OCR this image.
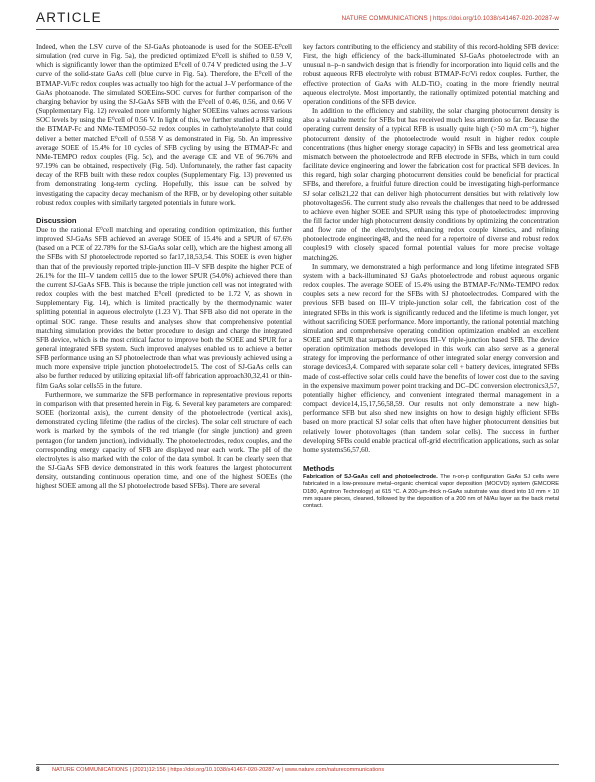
ARTICLE	NATURE COMMUNICATIONS | https://doi.org/10.1038/s41467-020-20287-w

Indeed, when the LSV curve of the SJ-GaAs photoanode is used for the SOEE-E⁰cell simulation (red curve in Fig. 5a), the predicted optimized E⁰cell is shifted to 0.59 V, which is significantly lower than the optimized E⁰cell of 0.74 V predicted using the J–V curve of the solid-state GaAs cell (blue curve in Fig. 5a). Therefore, the E⁰cell of the BTMAP-Vi/Fc redox couples was actually too high for the actual J–V performance of the GaAs photoanode. The simulated SOEEins-SOC curves for further comparison of the charging behavior by using the SJ-GaAs SFB with the E⁰cell of 0.46, 0.56, and 0.66 V (Supplementary Fig. 12) revealed more uniformly higher SOEEins values across various SOC levels by using the E⁰cell of 0.56 V. In light of this, we further studied a RFB using the BTMAP-Fc and NMe-TEMPO50–52 redox couples in catholyte/anolyte that could deliver a better matched E⁰cell of 0.558 V as demonstrated in Fig. 5b. An impressive average SOEE of 15.4% for 10 cycles of SFB cycling by using the BTMAP-Fc and NMe-TEMPO redox couples (Fig. 5c), and the average CE and VE of 96.76% and 97.19% can be obtained, respectively (Fig. 5d). Unfortunately, the rather fast capacity decay of the RFB built with these redox couples (Supplementary Fig. 13) prevented us from demonstrating long-term cycling. Hopefully, this issue can be solved by investigating the capacity decay mechanism of the RFB, or by developing other suitable robust redox couples with similarly targeted potentials in future work.

Discussion

Due to the rational E⁰cell matching and operating condition optimization, this further improved SJ-GaAs SFB achieved an average SOEE of 15.4% and a SPUR of 67.6% (based on a PCE of 22.78% for the SJ-GaAs solar cell), which are the highest among all the SFBs with SJ photoelectrode reported so far17,18,53,54. This SOEE is even higher than that of the previously reported triple-junction III–V SFB despite the higher PCE of 26.1% for the III–V tandem cell15 due to the lower SPUR (54.0%) achieved there than the current SJ-GaAs SFB. This is because the triple junction cell was not integrated with redox couples with the best matched E⁰cell (predicted to be 1.72 V, as shown in Supplementary Fig. 14), which is limited practically by the thermodynamic water splitting potential in aqueous electrolyte (1.23 V). That SFB also did not operate in the optimal SOC range. These results and analyses show that comprehensive potential matching simulation provides the better procedure to design and charge the integrated SFB device, which is the most critical factor to improve both the SOEE and SPUR for a general integrated SFB system. Such improved analyses enabled us to achieve a better SFB performance using an SJ photoelectrode than what was previously achieved using a much more expensive triple junction photoelectrode15. The cost of SJ-GaAs cells can also be further reduced by utilizing epitaxial lift-off fabrication approach30,32,41 or thin-film GaAs solar cells55 in the future.

Furthermore, we summarize the SFB performance in representative previous reports in comparison with that presented herein in Fig. 6. Several key parameters are compared: SOEE (horizontal axis), the current density of the photoelectrode (vertical axis), demonstrated cycling lifetime (the radius of the circles). The solar cell structure of each work is marked by the symbols of the red triangle (for single junction) and green pentagon (for tandem junction), individually. The photoelectrodes, redox couples, and the corresponding energy capacity of SFB are displayed near each work. The pH of the electrolytes is also marked with the color of the data symbol. It can be clearly seen that the SJ-GaAs SFB device demonstrated in this work features the largest photocurrent density, outstanding continuous operation time, and one of the highest SOEEs (the highest SOEE among all the SJ photoelectrode based SFBs). There are several

key factors contributing to the efficiency and stability of this record-holding SFB device: First, the high efficiency of the back-illuminated SJ-GaAs photoelectrode with an unusual n–p–n sandwich design that is friendly for incorporation into liquid cells and the robust aqueous RFB electrolyte with robust BTMAP-Fc/Vi redox couples. Further, the effective protection of GaAs with ALD-TiO₂ coating in the more friendly neutral aqueous electrolyte. Most importantly, the rationally optimized potential matching and operation conditions of the SFB device.

In addition to the efficiency and stability, the solar charging photocurrent density is also a valuable metric for SFBs but has received much less attention so far. Because the operating current density of a typical RFB is usually quite high (>50 mA cm⁻²), higher photocurrent density of the photoelectrode would result in higher redox couple concentrations (thus higher energy storage capacity) in SFBs and less geometrical area mismatch between the photoelectrode and RFB electrode in SFBs, which in turn could facilitate device engineering and lower the fabrication cost for practical SFB devices. In this regard, high solar charging photocurrent densities could be beneficial for practical SFBs, and therefore, a fruitful future direction could be investigating high-performance SJ solar cells21,22 that can deliver high photocurrent densities but with relatively low photovoltages56. The current study also reveals the challenges that need to be addressed to achieve even higher SOEE and SPUR using this type of photoelectrodes: improving the fill factor under high photocurrent density conditions by optimizing the concentration and flow rate of the electrolytes, enhancing redox couple kinetics, and refining photoelectrode engineering48, and the need for a repertoire of diverse and robust redox couples19 with closely spaced formal potential values for more precise voltage matching26.

In summary, we demonstrated a high performance and long lifetime integrated SFB system with a back-illuminated SJ GaAs photoelectrode and robust aqueous organic redox couples. The average SOEE of 15.4% using the BTMAP-Fc/NMe-TEMPO redox couples sets a new record for the SFBs with SJ photoelectrodes. Compared with the previous SFB based on III–V triple-junction solar cell, the fabrication cost of the integrated SFBs in this work is significantly reduced and the lifetime is much longer, yet without sacrificing SOEE performance. More importantly, the rational potential matching simulation and comprehensive operating condition optimization enabled an excellent SOEE and SPUR that surpass the previous III–V triple-junction based SFB. The device operation optimization methods developed in this work can also serve as a general strategy for improving the performance of other integrated solar energy conversion and storage devices3,4. Compared with separate solar cell + battery devices, integrated SFBs made of cost-effective solar cells could have the benefits of lower cost due to the saving in the expensive maximum power point tracking and DC–DC conversion electronics3,57, potentially higher efficiency, and convenient integrated thermal management in a compact device14,15,17,56,58,59. Our results not only demonstrate a new high-performance SFB but also shed new insights on how to design highly efficient SFBs based on more practical SJ solar cells that often have higher photocurrent densities but relatively lower photovoltages (than tandem solar cells). The success in further developing SFBs could enable practical off-grid electrification applications, such as solar home systems56,57,60.

Methods

Fabrication of SJ-GaAs cell and photoelectrode. The n-on-p configuration GaAs SJ cells were fabricated in a low-pressure metal–organic chemical vapor deposition (MOCVD) system (EMCORE D180, Agnitron Technology) at 615 °C. A 200-µm-thick n-GaAs substrate was diced into 10 mm × 10 mm square pieces, cleaned, followed by the deposition of a 200 nm of Ni/Au layer as the back metal contact.

8 NATURE COMMUNICATIONS | (2021)12:156 | https://doi.org/10.1038/s41467-020-20287-w | www.nature.com/naturecommunications
